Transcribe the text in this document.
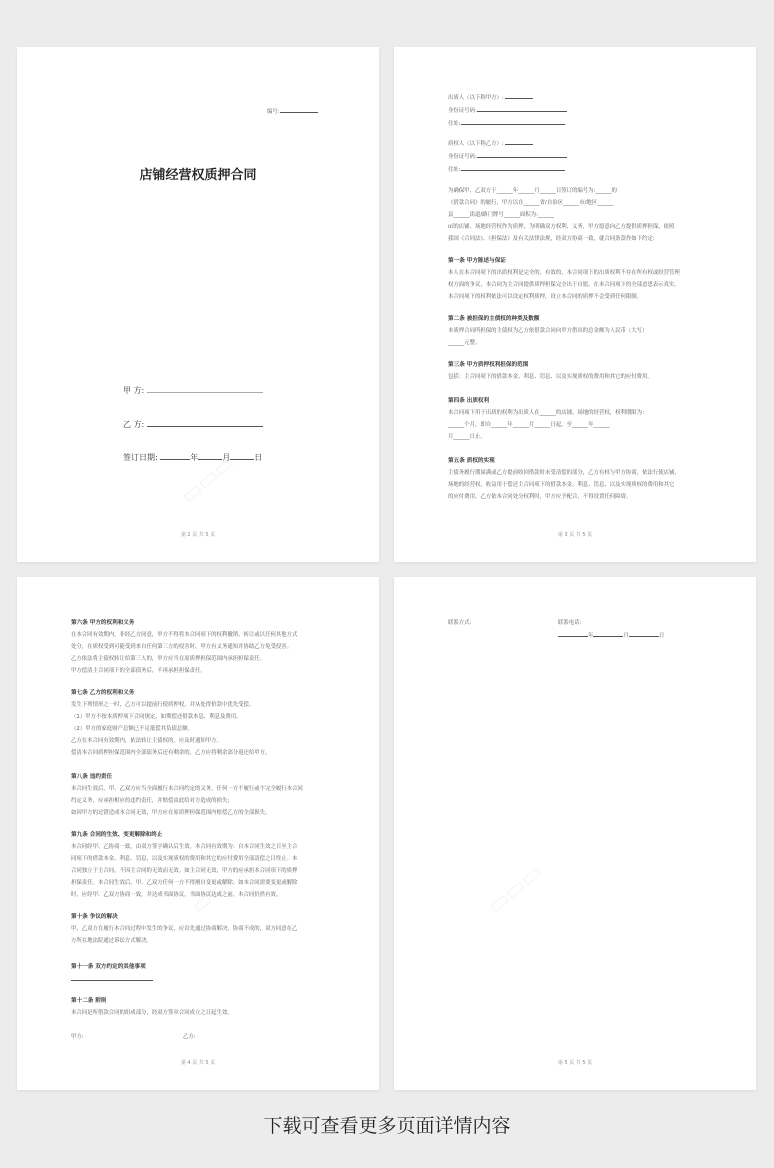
编号:
店铺经营权质押合同
甲 方:
乙 方:
签订日期:	年	月	日
第 2 页 共 5 页

出质人（以下称甲方）:

身份证号码:

住址:

质权人（以下称乙方）:

身份证号码:

住址:

为确保甲、乙双方于______年______月______日签订的编号为:______的

《借款合同》的履行，甲方以在______省/自治区______市/地区______

县______街道/路门牌号______面积为:______

㎡的店铺、场地经营权作为质押，为明确双方权利、义务，甲方愿意向乙方提供质押担保，依照

我国《合同法》、《担保法》及有关法律法规，经双方协商一致，就合同条款作如下约定:

第一条 甲方陈述与保证

本人在本合同项下的出质权利是完全的、有效的，本合同项下的出质权利不存在所有权或经营管理

权方面的争议，本合同为主合同提供质押担保完全出于自愿，在本合同项下的全部意思表示真实。

本合同项下的权利依法可以设定权利质押，设立本合同的质押不会受到任何限制。

第二条 被担保的主债权的种类及数额

本质押合同所担保的主债权为乙方依借款合同向甲方借出的总金额为人民币（大写）

______元整。

第三条 甲方质押权利担保的范围

包括：主合同项下的借款本金、利息、罚息、以及实现质权的费用和其它的应付费用。

第四条 出质权利

本合同项下用于出质的权利为出质人在______的店铺、场地的经营权，权利期限为：

______个月，即自______年______月______日起，至______年______

月______日止。

第五条 质权的实现

主债务履行期届满或乙方提前收回借款时未受清偿的部分，乙方有权与甲方协商，依法行使店铺、

场地的经营权，收益用于偿还主合同项下的借款本金、利息、罚息、以及实现质权的费用和其它

的应付费用，乙方依本合同处分权利时，甲方应予配合，不得设置任何障碍。

第 3 页 共 5 页

第六条 甲方的权利和义务

在本合同有效期内，非经乙方同意，甲方不得将本合同项下的权利撤销、转让或以任何其他方式

处分，在质权受到可能受到来自任何第三方的侵害时，甲方有义务通知并协助乙方免受侵害。

乙方依法将主债权转让给第三人的，甲方应当在原质押担保范围内承担担保责任。

甲方偿清主合同项下的全部债务后，不再承担担保责任。

第七条 乙方的权利和义务

发生下列情形之一时，乙方可以提前行使质押权，并从处得价款中优先受偿。

（1）甲方不按本质押项下合同规定，如期偿还借款本息，利息及费用。

（2）甲方的家庭财产总额已不足抵偿其负债总额。

乙方在本合同有效期内，依法转让主债权的，应及时通知甲方。

偿清本合同质押担保范围内全部债务后还有剩余的，乙方应将剩余部分返还给甲方。

第八条 违约责任

本合同生效后，甲、乙双方应当全面履行本合同约定的义务，任何一方不履行或不完全履行本合同

约定义务，应承担相应的违约责任，并赔偿由此给对方造成的损失；

如因甲方的过错造成本合同无效，甲方应在原质押担保范围内赔偿乙方的全部损失。

第九条 合同的生效、变更解除和终止

本合同经甲、乙协商一致，由双方签字确认后生效。本合同有效期为：自本合同生效之日至主合

同项下的借款本金、利息、罚息、以及实现质权的费用和其它的应付费用全部清偿之日终止。本

合同独立于主合同，不因主合同的无效而无效。如主合同无效，甲方的应承担本合同项下的质押

担保责任。本合同生效后，甲、乙双方任何一方不得擅自变更或解除。如本合同需要变更或解除

时，应经甲、乙双方协商一致，并达成书面协议。书面协议达成之前，本合同仍然有效。

第十条 争议的解决

甲、乙双方在履行本合同过程中发生的争议，应首先通过协商解决，协商不成的，双方同意在乙

方所在地法院通过诉讼方式解决。

第十一条 双方约定的其他事项

第十二条 附则

本合同是所借款合同的组成部分，经双方签章合同成立之日起生效。

甲方:	乙方:
第 4 页 共 5 页
联系方式:	联系电话:

年	月	日

第 5 页 共 5 页
下载可查看更多页面详情内容
